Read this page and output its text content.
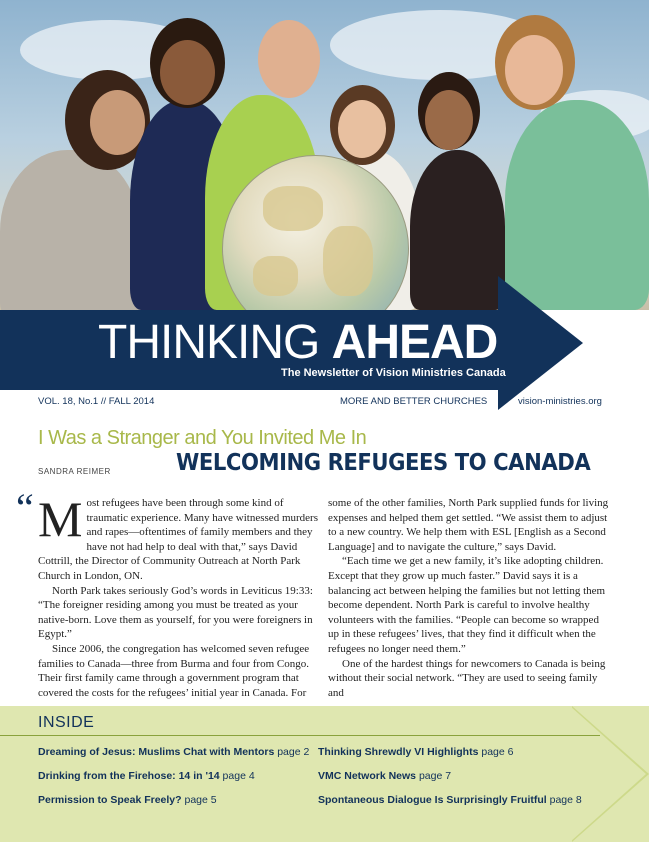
THINKING AHEAD
The Newsletter of Vision Ministries Canada
VOL. 18, No.1 // FALL 2014	MORE AND BETTER CHURCHES	vision-ministries.org
I Was a Stranger and You Invited Me In
SANDRA REIMER	WELCOMING REFUGEES TO CANADA
“ Most refugees have been through some kind of traumatic experience. Many have witnessed murders and rapes—oftentimes of family members and they have not had help to deal with that,” says David Cottrill, the Director of Community Outreach at North Park Church in London, ON.

North Park takes seriously God’s words in Leviticus 19:33: “The foreigner residing among you must be treated as your native-born. Love them as yourself, for you were foreigners in Egypt.”

Since 2006, the congregation has welcomed seven refugee families to Canada—three from Burma and four from Congo. Their first family came through a government program that covered the costs for the refugees’ initial year in Canada. For

some of the other families, North Park supplied funds for living expenses and helped them get settled. “We assist them to adjust to a new country. We help them with ESL [English as a Second Language] and to navigate the culture,” says David.

“Each time we get a new family, it’s like adopting children. Except that they grow up much faster.” David says it is a balancing act between helping the families but not letting them become dependent. North Park is careful to involve healthy volunteers with the families. “People can become so wrapped up in these refugees’ lives, that they find it difficult when the refugees no longer need them.”

One of the hardest things for newcomers to Canada is being without their social network. “They are used to seeing family and

INSIDE
Dreaming of Jesus: Muslims Chat with Mentors page 2
Drinking from the Firehose: 14 in '14 page 4
Permission to Speak Freely? page 5
Thinking Shrewdly VI Highlights page 6
VMC Network News page 7
Spontaneous Dialogue Is Surprisingly Fruitful page 8
